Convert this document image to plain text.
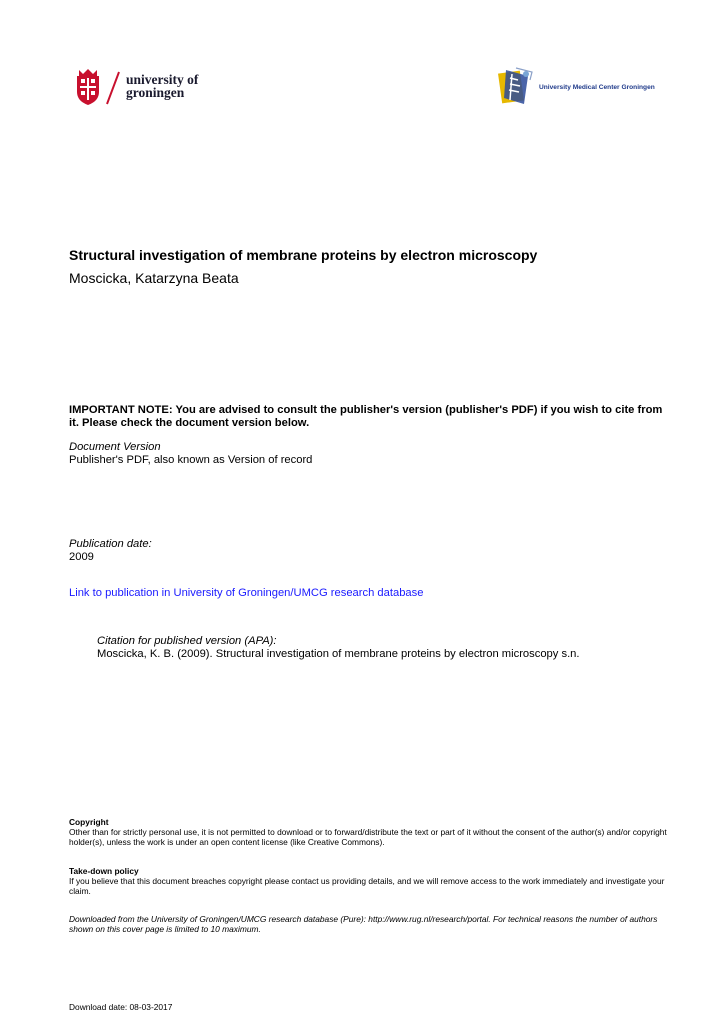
university of
groningen	University Medical Center Groningen
Structural investigation of membrane proteins by electron microscopy
Moscicka, Katarzyna Beata
IMPORTANT NOTE: You are advised to consult the publisher's version (publisher's PDF) if you wish to cite from it. Please check the document version below.
Document Version
Publisher's PDF, also known as Version of record
Publication date:
2009
Link to publication in University of Groningen/UMCG research database
Citation for published version (APA):
Moscicka, K. B. (2009). Structural investigation of membrane proteins by electron microscopy s.n.
Copyright
Other than for strictly personal use, it is not permitted to download or to forward/distribute the text or part of it without the consent of the author(s) and/or copyright holder(s), unless the work is under an open content license (like Creative Commons).
Take-down policy
If you believe that this document breaches copyright please contact us providing details, and we will remove access to the work immediately and investigate your claim.
Downloaded from the University of Groningen/UMCG research database (Pure): http://www.rug.nl/research/portal. For technical reasons the number of authors shown on this cover page is limited to 10 maximum.
Download date: 08-03-2017
